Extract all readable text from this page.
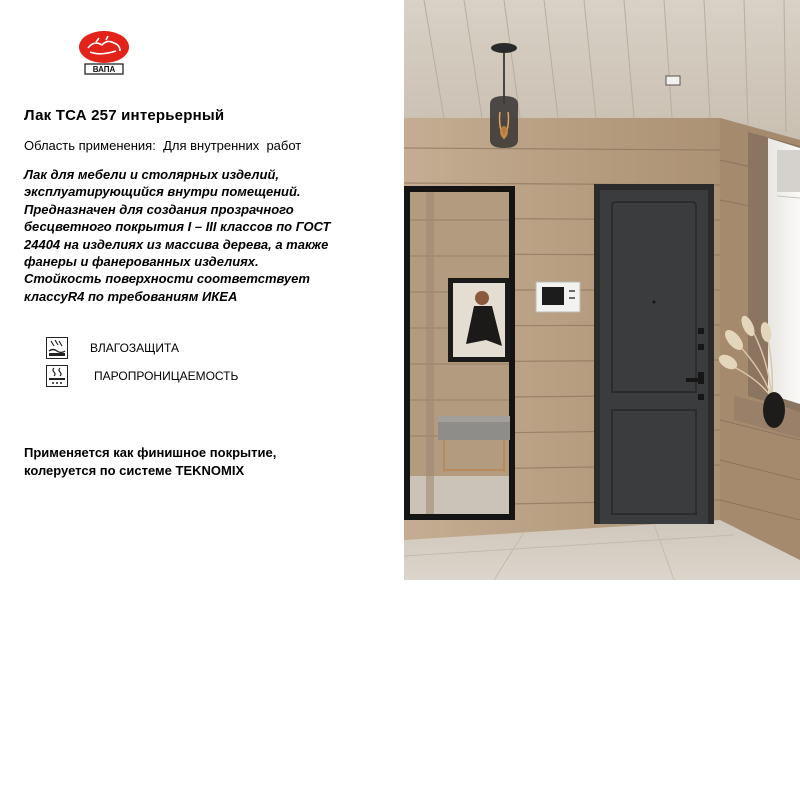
ВАПА
Лак ТСА 257 интерьерный
Область применения: Для внутренних  работ
Лак для мебели и столярных изделий,
эксплуатирующийся внутри помещений.
Предназначен для создания прозрачного
бесцветного покрытия I – III классов по ГОСТ
24404 на изделиях из массива дерева, а также
фанеры и фанерованных изделиях.
Стойкость поверхности соответствует
классуR4 по требованиям ИКЕА
ВЛАГОЗАЩИТА
ПАРОПРОНИЦАЕМОСТЬ
Применяется как финишное покрытие,
колеруется по системе TEKNOMIX
